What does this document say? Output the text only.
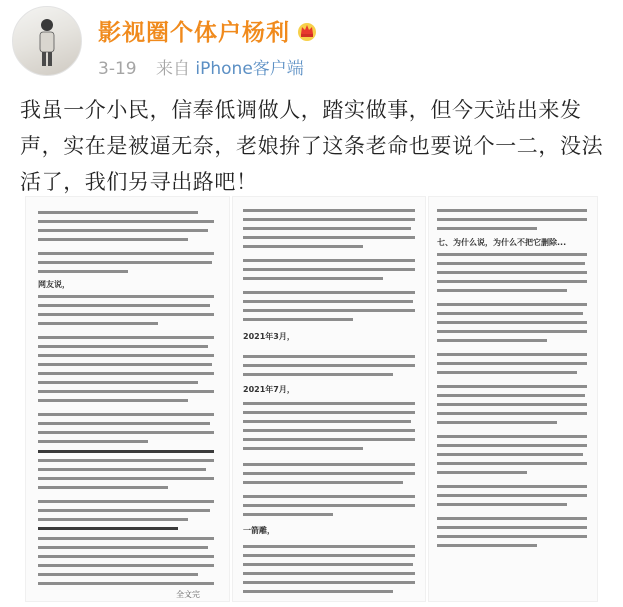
影视圈个体户杨利
3-19 来自 iPhone客户端
我虽一介小民，信奉低调做人，踏实做事，但今天站出来发声，实在是被逼无奈，老娘拚了这条老命也要说个一二，没法活了，我们另寻出路吧！
网友说，
全文完
2021年3月，
2021年7月，
一箭雕，
七、为什么说，为什么不把它删除...
